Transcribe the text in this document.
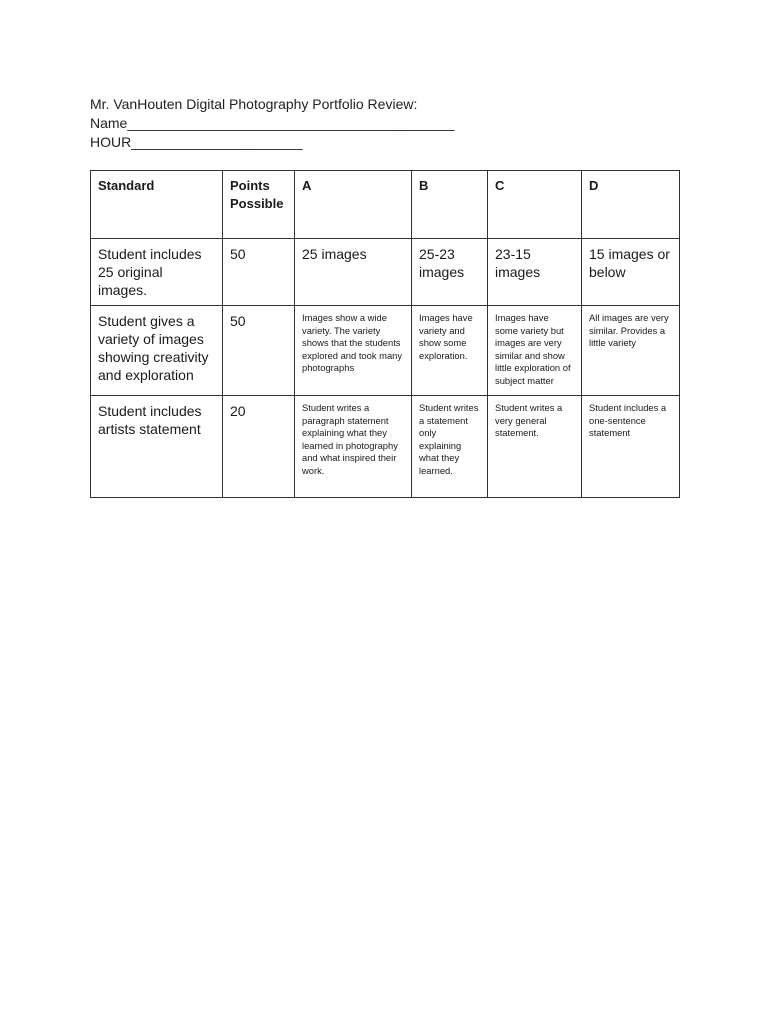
Mr. VanHouten Digital Photography Portfolio Review:
Name__________________________________________
HOUR______________________
Standard	Points Possible	A	B	C	D
Student includes 25 original images.	50	25 images	25-23 images	23-15 images	15 images or below
Student gives a variety of images showing creativity and exploration	50	Images show a wide variety. The variety shows that the students explored and took many photographs	Images have variety and show some exploration.	Images have some variety but images are very similar and show little exploration of subject matter	All images are very similar. Provides a little variety
Student includes artists statement	20	Student writes a paragraph statement explaining what they learned in photography and what inspired their work.	Student writes a statement only explaining what they learned.	Student writes a very general statement.	Student includes a one-sentence statement
